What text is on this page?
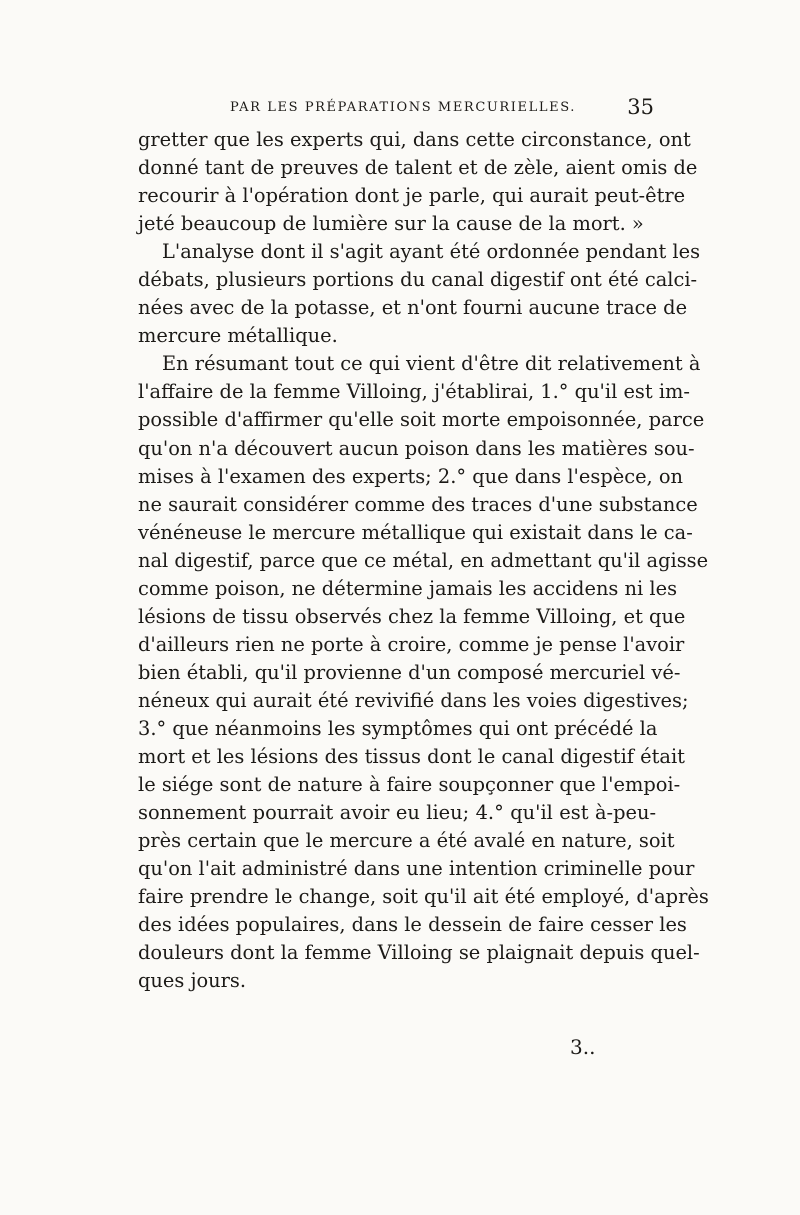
PAR LES PRÉPARATIONS MERCURIELLES. 35
gretter que les experts qui, dans cette circonstance, ont
donné tant de preuves de talent et de zèle, aient omis de
recourir à l'opération dont je parle, qui aurait peut-être
jeté beaucoup de lumière sur la cause de la mort. »
L'analyse dont il s'agit ayant été ordonnée pendant les
débats, plusieurs portions du canal digestif ont été calci-
nées avec de la potasse, et n'ont fourni aucune trace de
mercure métallique.
En résumant tout ce qui vient d'être dit relativement à
l'affaire de la femme Villoing, j'établirai, 1.° qu'il est im-
possible d'affirmer qu'elle soit morte empoisonnée, parce
qu'on n'a découvert aucun poison dans les matières sou-
mises à l'examen des experts; 2.° que dans l'espèce, on
ne saurait considérer comme des traces d'une substance
vénéneuse le mercure métallique qui existait dans le ca-
nal digestif, parce que ce métal, en admettant qu'il agisse
comme poison, ne détermine jamais les accidens ni les
lésions de tissu observés chez la femme Villoing, et que
d'ailleurs rien ne porte à croire, comme je pense l'avoir
bien établi, qu'il provienne d'un composé mercuriel vé-
néneux qui aurait été revivifié dans les voies digestives;
3.° que néanmoins les symptômes qui ont précédé la
mort et les lésions des tissus dont le canal digestif était
le siége sont de nature à faire soupçonner que l'empoi-
sonnement pourrait avoir eu lieu; 4.° qu'il est à-peu-
près certain que le mercure a été avalé en nature, soit
qu'on l'ait administré dans une intention criminelle pour
faire prendre le change, soit qu'il ait été employé, d'après
des idées populaires, dans le dessein de faire cesser les
douleurs dont la femme Villoing se plaignait depuis quel-
ques jours.
3..
